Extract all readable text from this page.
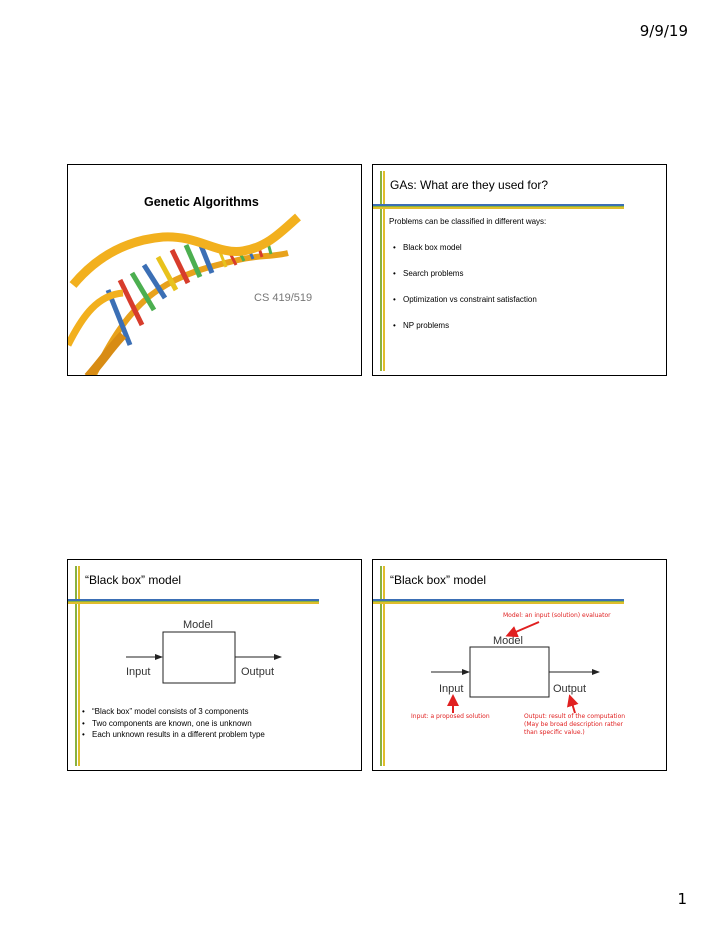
9/9/19
Genetic Algorithms
CS 419/519
GAs: What are they used for?
Problems can be classified in different ways:
• Black box model
• Search problems
• Optimization vs constraint satisfaction
• NP problems
“Black box” model
Model
Input	Output
• “Black box” model consists of 3 components
• Two components are known, one is unknown
• Each unknown results in a different problem type
“Black box” model
Model
Input	Output
Model: an input (solution) evaluator
Input: a proposed solution	Output: result of the computation
(May be broad description rather
than specific value.)
1
